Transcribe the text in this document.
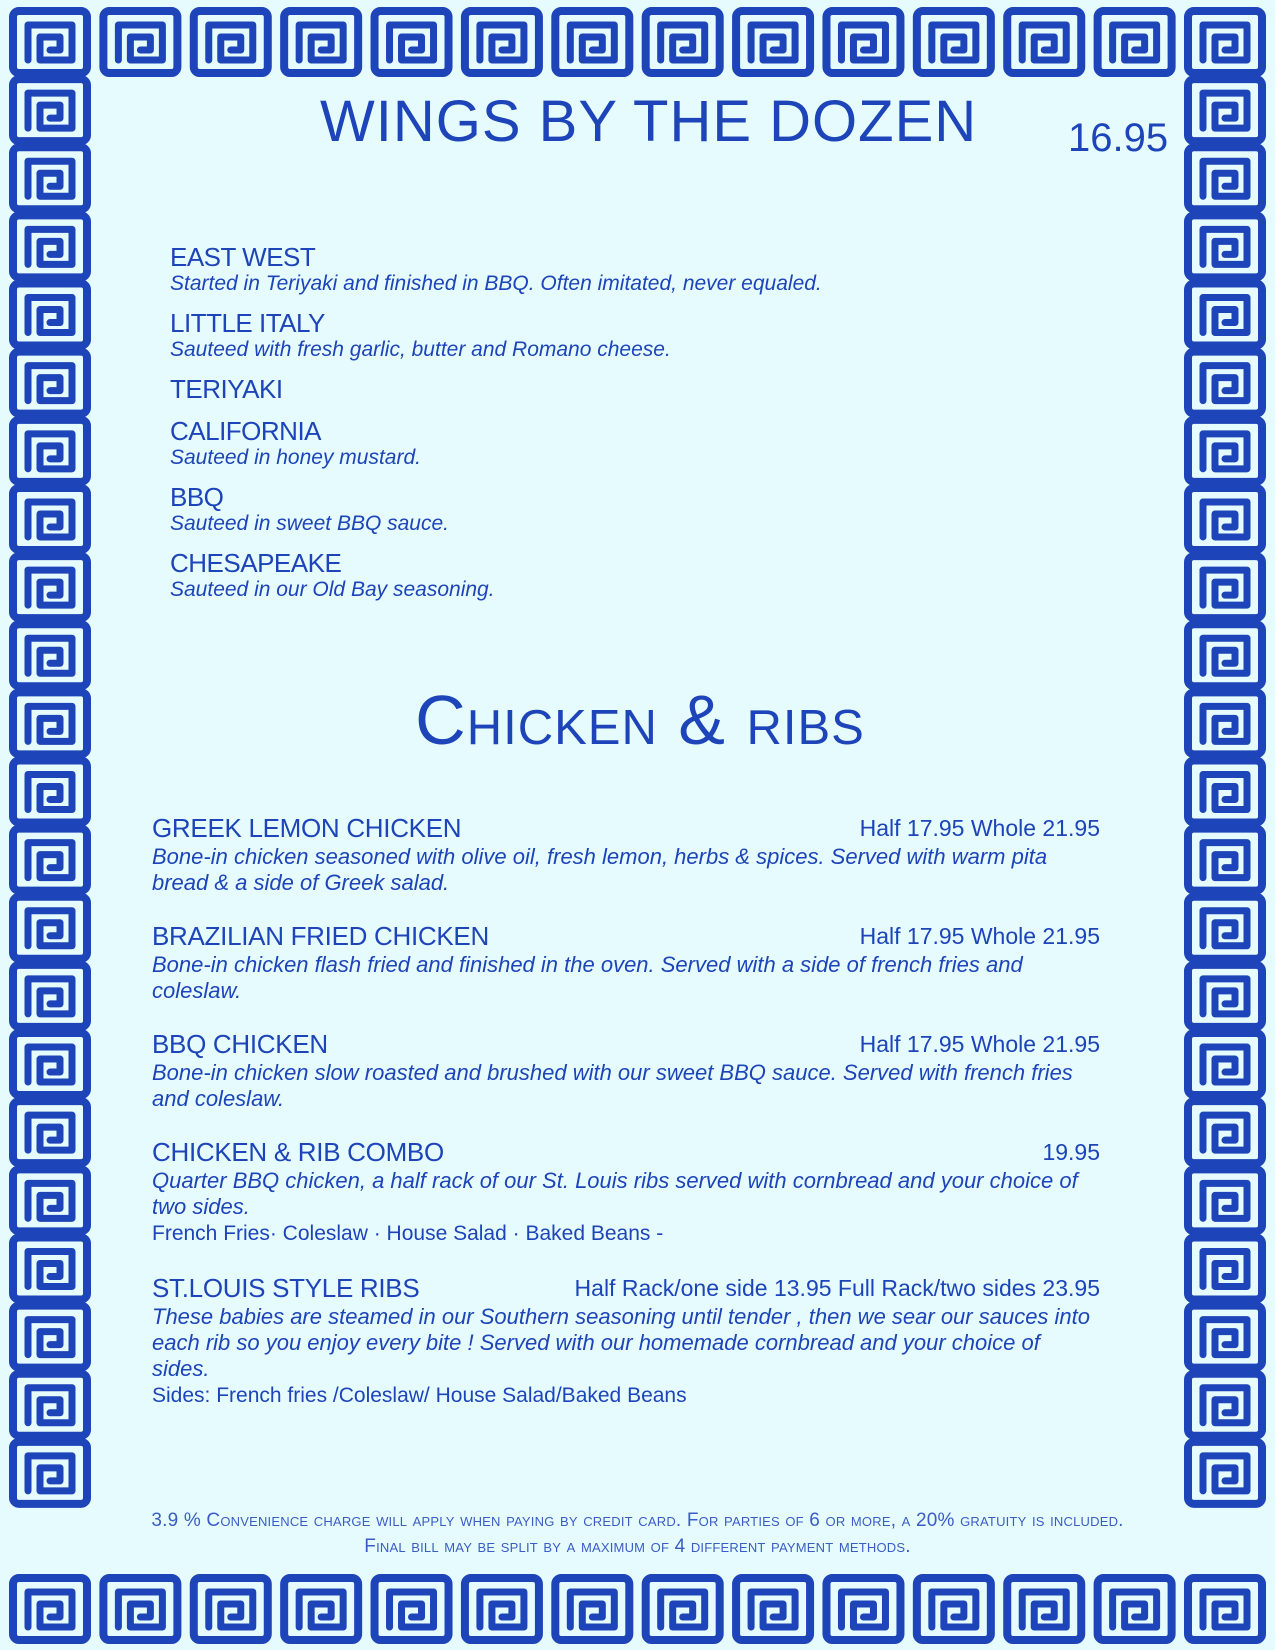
WINGS BY THE DOZEN 16.95
EAST WEST
Started in Teriyaki and finished in BBQ. Often imitated, never equaled.
LITTLE ITALY
Sauteed with fresh garlic, butter and Romano cheese.
TERIYAKI
CALIFORNIA
Sauteed in honey mustard.
BBQ
Sauteed in sweet BBQ sauce.
CHESAPEAKE
Sauteed in our Old Bay seasoning.
Chicken & ribs
GREEK LEMON CHICKEN	Half 17.95 Whole 21.95
Bone-in chicken seasoned with olive oil, fresh lemon, herbs & spices. Served with warm pita bread & a side of Greek salad.
BRAZILIAN FRIED CHICKEN	Half 17.95 Whole 21.95
Bone-in chicken flash fried and finished in the oven. Served with a side of french fries and coleslaw.
BBQ CHICKEN	Half 17.95 Whole 21.95
Bone-in chicken slow roasted and brushed with our sweet BBQ sauce. Served with french fries and coleslaw.
CHICKEN & RIB COMBO	19.95
Quarter BBQ chicken, a half rack of our St. Louis ribs served with cornbread and your choice of two sides.
French Fries· Coleslaw · House Salad · Baked Beans -
ST.LOUIS STYLE RIBS	Half Rack/one side 13.95 Full Rack/two sides 23.95
These babies are steamed in our Southern seasoning until tender , then we sear our sauces into each rib so you enjoy every bite ! Served with our homemade cornbread and your choice of sides.
Sides: French fries /Coleslaw/ House Salad/Baked Beans
3.9 % Convenience charge will apply when paying by credit card. For parties of 6 or more, a 20% gratuity is included. Final bill may be split by a maximum of 4 different payment methods.
